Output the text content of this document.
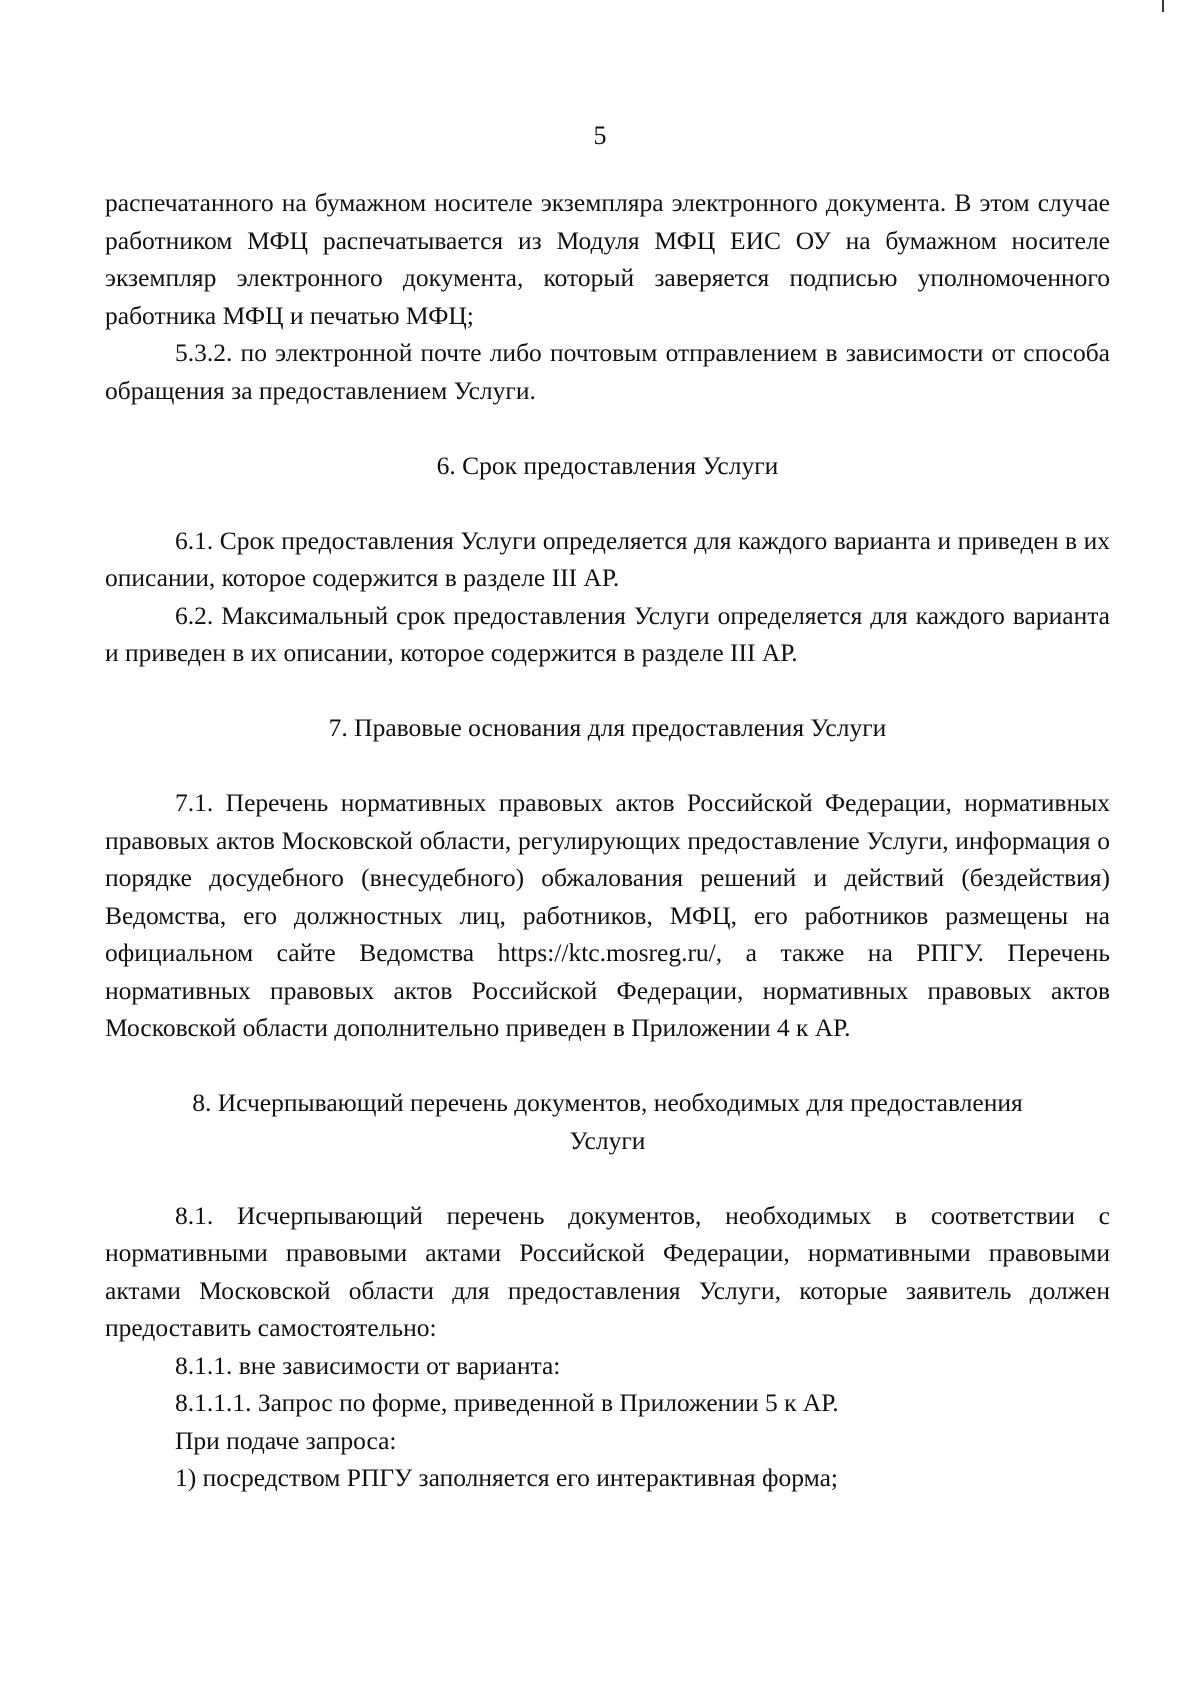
5

распечатанного на бумажном носителе экземпляра электронного документа. В этом случае работником МФЦ распечатывается из Модуля МФЦ ЕИС ОУ на бумажном носителе экземпляр электронного документа, который заверяется подписью уполномоченного работника МФЦ и печатью МФЦ;

5.3.2. по электронной почте либо почтовым отправлением в зависимости от способа обращения за предоставлением Услуги.

6. Срок предоставления Услуги

6.1. Срок предоставления Услуги определяется для каждого варианта и приведен в их описании, которое содержится в разделе III АР.

6.2. Максимальный срок предоставления Услуги определяется для каждого варианта и приведен в их описании, которое содержится в разделе III АР.

7. Правовые основания для предоставления Услуги

7.1. Перечень нормативных правовых актов Российской Федерации, нормативных правовых актов Московской области, регулирующих предоставление Услуги, информация о порядке досудебного (внесудебного) обжалования решений и действий (бездействия) Ведомства, его должностных лиц, работников, МФЦ, его работников размещены на официальном сайте Ведомства https://ktc.mosreg.ru/, а также на РПГУ. Перечень нормативных правовых актов Российской Федерации, нормативных правовых актов Московской области дополнительно приведен в Приложении 4 к АР.

8. Исчерпывающий перечень документов, необходимых для предоставления

Услуги

8.1. Исчерпывающий перечень документов, необходимых в соответствии с нормативными правовыми актами Российской Федерации, нормативными правовыми актами Московской области для предоставления Услуги, которые заявитель должен предоставить самостоятельно:

8.1.1. вне зависимости от варианта:

8.1.1.1. Запрос по форме, приведенной в Приложении 5 к АР.

При подаче запроса:

1) посредством РПГУ заполняется его интерактивная форма;
